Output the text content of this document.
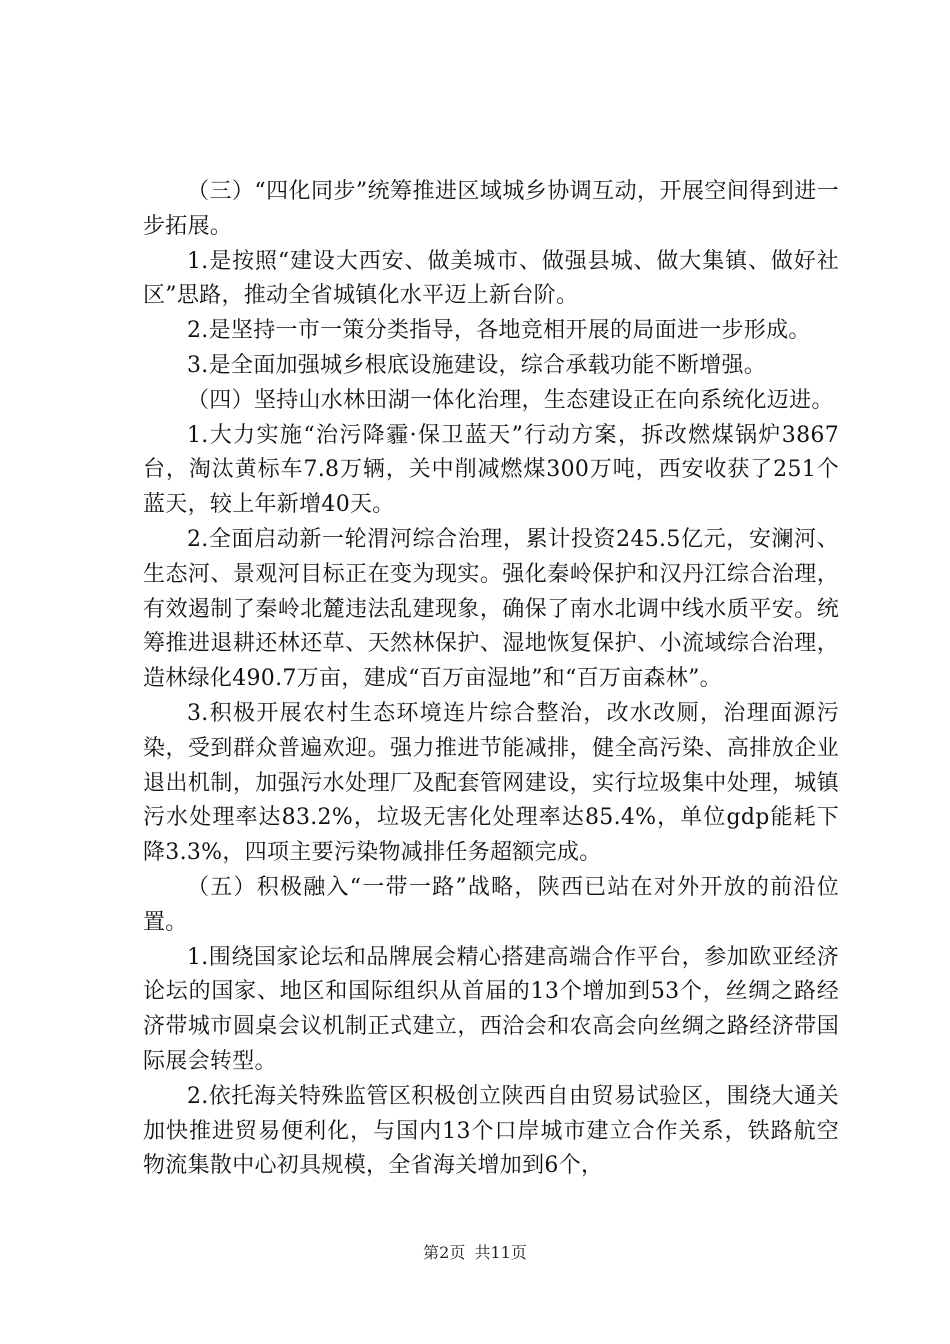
（三）“四化同步”统筹推进区域城乡协调互动，开展空间得到进一步拓展。

1.是按照“建设大西安、做美城市、做强县城、做大集镇、做好社区”思路，推动全省城镇化水平迈上新台阶。

2.是坚持一市一策分类指导，各地竞相开展的局面进一步形成。

3.是全面加强城乡根底设施建设，综合承载功能不断增强。

（四）坚持山水林田湖一体化治理，生态建设正在向系统化迈进。

1.大力实施“治污降霾·保卫蓝天”行动方案，拆改燃煤锅炉3867台，淘汰黄标车7.8万辆，关中削减燃煤300万吨，西安收获了251个蓝天，较上年新增40天。

2.全面启动新一轮渭河综合治理，累计投资245.5亿元，安澜河、生态河、景观河目标正在变为现实。强化秦岭保护和汉丹江综合治理，有效遏制了秦岭北麓违法乱建现象，确保了南水北调中线水质平安。统筹推进退耕还林还草、天然林保护、湿地恢复保护、小流域综合治理，造林绿化490.7万亩，建成“百万亩湿地”和“百万亩森林”。

3.积极开展农村生态环境连片综合整治，改水改厕，治理面源污染，受到群众普遍欢迎。强力推进节能减排，健全高污染、高排放企业退出机制，加强污水处理厂及配套管网建设，实行垃圾集中处理，城镇污水处理率达83.2%，垃圾无害化处理率达85.4%，单位gdp能耗下降3.3%，四项主要污染物减排任务超额完成。

（五）积极融入“一带一路”战略，陕西已站在对外开放的前沿位置。

1.围绕国家论坛和品牌展会精心搭建高端合作平台，参加欧亚经济论坛的国家、地区和国际组织从首届的13个增加到53个，丝绸之路经济带城市圆桌会议机制正式建立，西洽会和农高会向丝绸之路经济带国际展会转型。

2.依托海关特殊监管区积极创立陕西自由贸易试验区，围绕大通关加快推进贸易便利化，与国内13个口岸城市建立合作关系，铁路航空物流集散中心初具规模，全省海关增加到6个，

第2页 共11页
